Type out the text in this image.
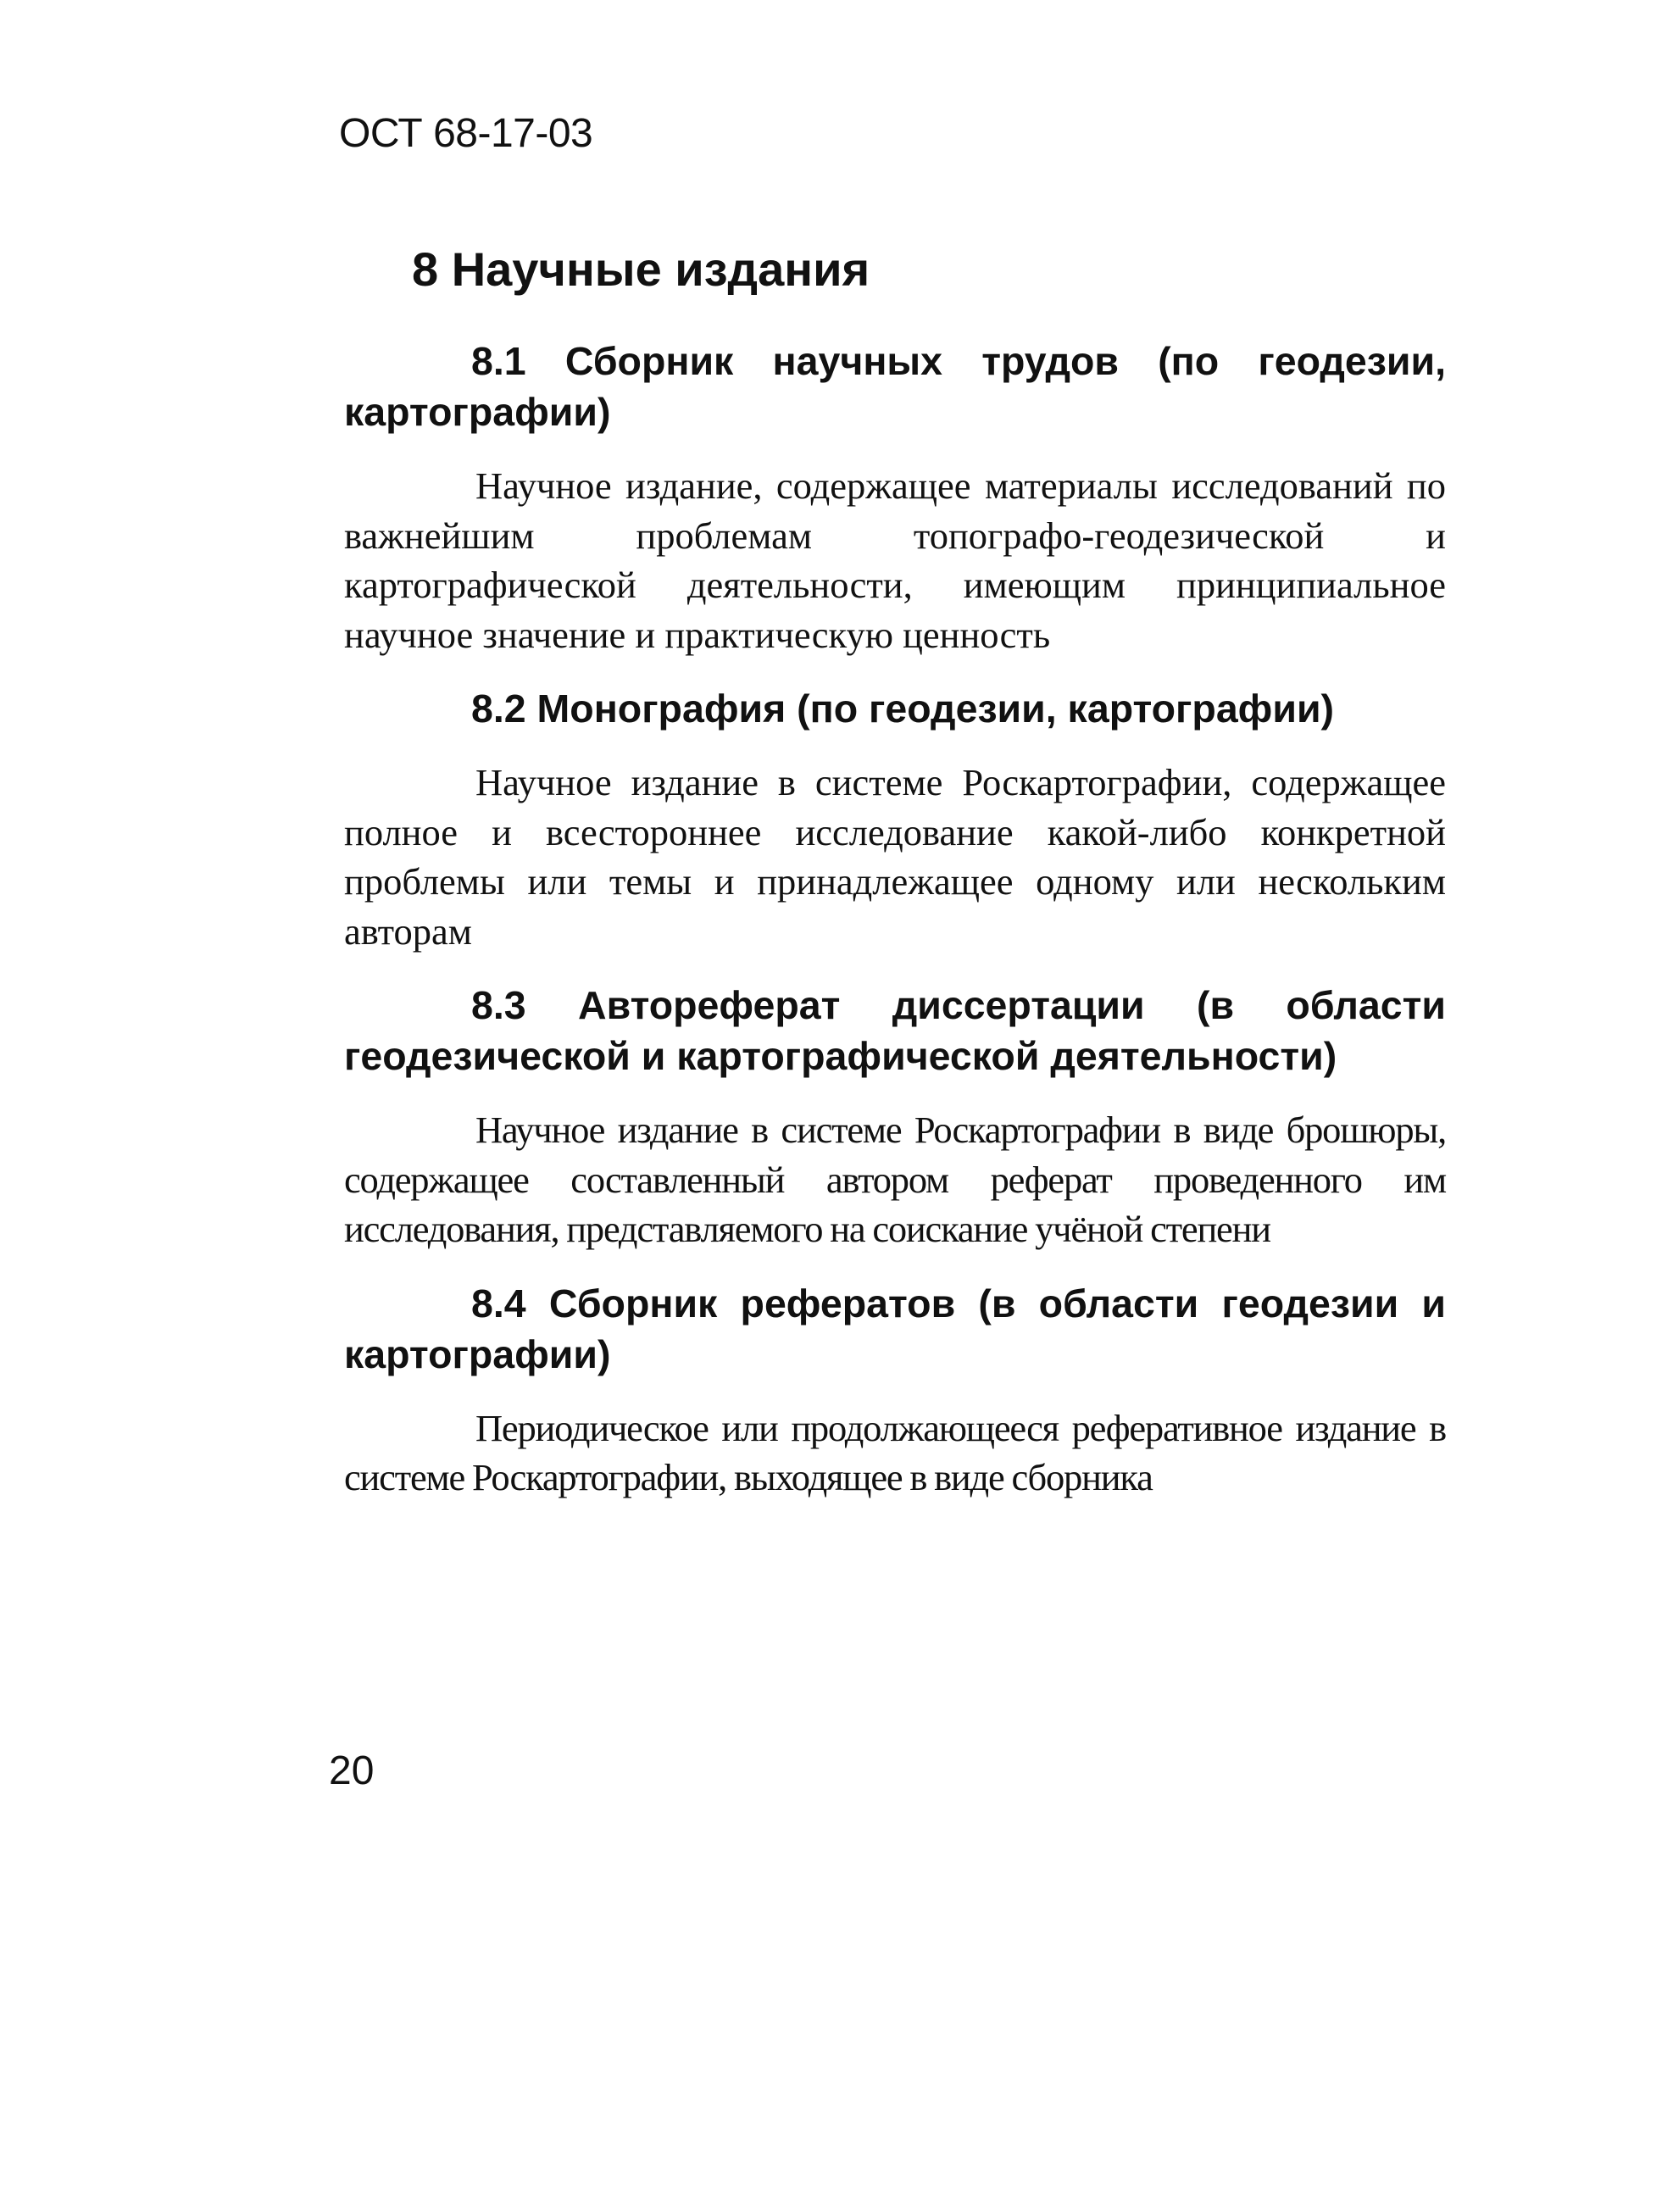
ОСТ 68-17-03
8 Научные издания
8.1 Сборник научных трудов (по геодезии, картографии)

Научное издание, содержащее материалы исследований по важнейшим проблемам топографо-геодезической и картографической деятельности, имеющим принципиальное научное значение и практическую ценность

8.2 Монография (по геодезии, картографии)

Научное издание в системе Роскартографии, содержащее полное и всестороннее исследование какой-либо конкретной проблемы или темы и принадлежащее одному или нескольким авторам

8.3 Автореферат диссертации (в области геодезической и картографической деятельности)

Научное издание в системе Роскартографии в виде брошюры, содержащее составленный автором реферат проведенного им исследования, представляемого на соискание учёной степени

8.4 Сборник рефератов (в области геодезии и картографии)

Периодическое или продолжающееся реферативное издание в системе Роскартографии, выходящее в виде сборника

20
